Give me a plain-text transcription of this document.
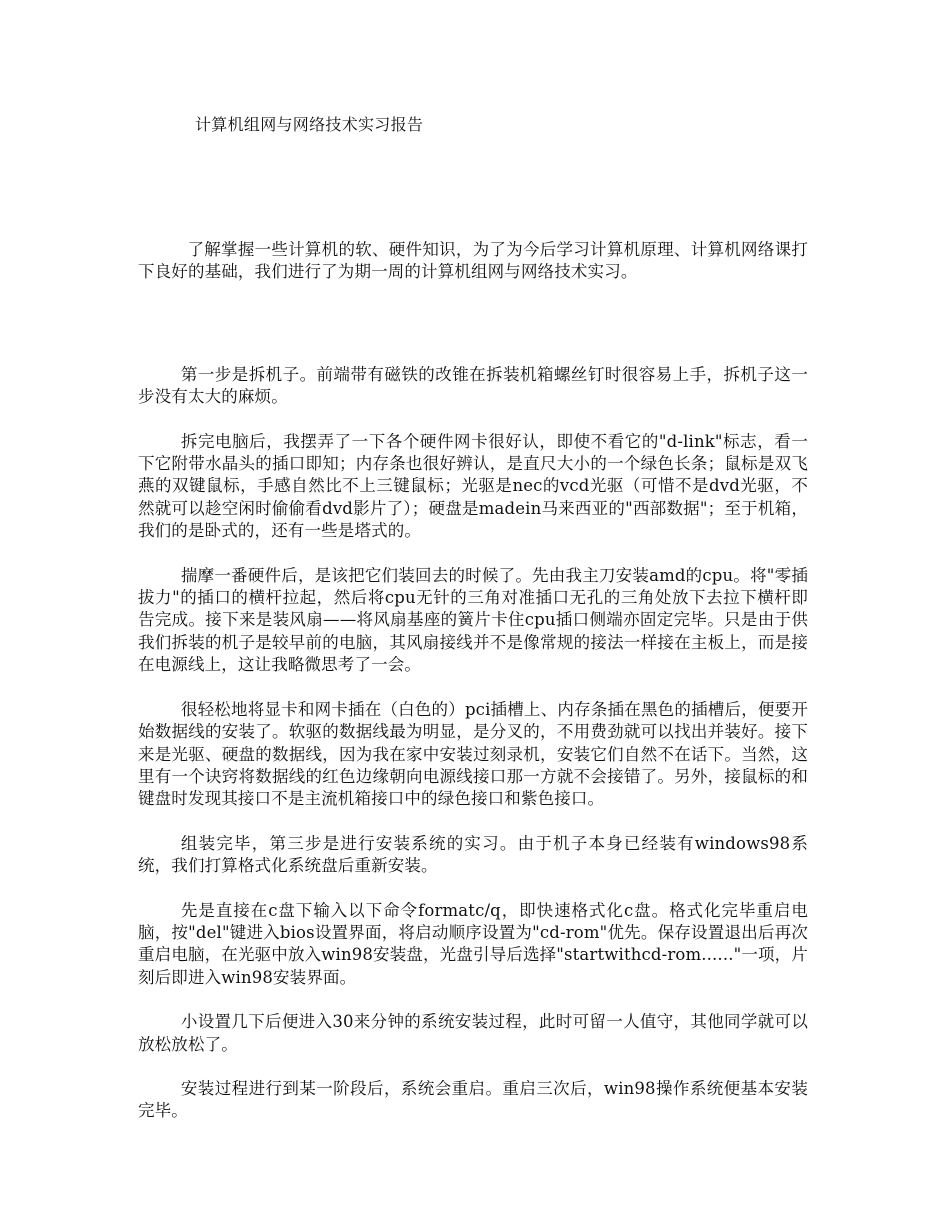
计算机组网与网络技术实习报告

了解掌握一些计算机的软、硬件知识，为了为今后学习计算机原理、计算机网络课打下良好的基础，我们进行了为期一周的计算机组网与网络技术实习。

第一步是拆机子。前端带有磁铁的改锥在拆装机箱螺丝钉时很容易上手，拆机子这一步没有太大的麻烦。

拆完电脑后，我摆弄了一下各个硬件网卡很好认，即使不看它的"d-link"标志，看一下它附带水晶头的插口即知；内存条也很好辨认，是直尺大小的一个绿色长条；鼠标是双飞燕的双键鼠标，手感自然比不上三键鼠标；光驱是nec的vcd光驱（可惜不是dvd光驱，不然就可以趁空闲时偷偷看dvd影片了）；硬盘是madein马来西亚的"西部数据"；至于机箱，我们的是卧式的，还有一些是塔式的。

揣摩一番硬件后，是该把它们装回去的时候了。先由我主刀安装amd的cpu。将"零插拔力"的插口的横杆拉起，然后将cpu无针的三角对准插口无孔的三角处放下去拉下横杆即告完成。接下来是装风扇——将风扇基座的簧片卡住cpu插口侧端亦固定完毕。只是由于供我们拆装的机子是较早前的电脑，其风扇接线并不是像常规的接法一样接在主板上，而是接在电源线上，这让我略微思考了一会。

很轻松地将显卡和网卡插在（白色的）pci插槽上、内存条插在黑色的插槽后，便要开始数据线的安装了。软驱的数据线最为明显，是分叉的，不用费劲就可以找出并装好。接下来是光驱、硬盘的数据线，因为我在家中安装过刻录机，安装它们自然不在话下。当然，这里有一个诀窍将数据线的红色边缘朝向电源线接口那一方就不会接错了。另外，接鼠标的和键盘时发现其接口不是主流机箱接口中的绿色接口和紫色接口。

组装完毕，第三步是进行安装系统的实习。由于机子本身已经装有windows98系统，我们打算格式化系统盘后重新安装。

先是直接在c盘下输入以下命令formatc/q，即快速格式化c盘。格式化完毕重启电脑，按"del"键进入bios设置界面，将启动顺序设置为"cd-rom"优先。保存设置退出后再次重启电脑，在光驱中放入win98安装盘，光盘引导后选择"startwithcd-rom......"一项，片刻后即进入win98安装界面。

小设置几下后便进入30来分钟的系统安装过程，此时可留一人值守，其他同学就可以放松放松了。

安装过程进行到某一阶段后，系统会重启。重启三次后，win98操作系统便基本安装完毕。
